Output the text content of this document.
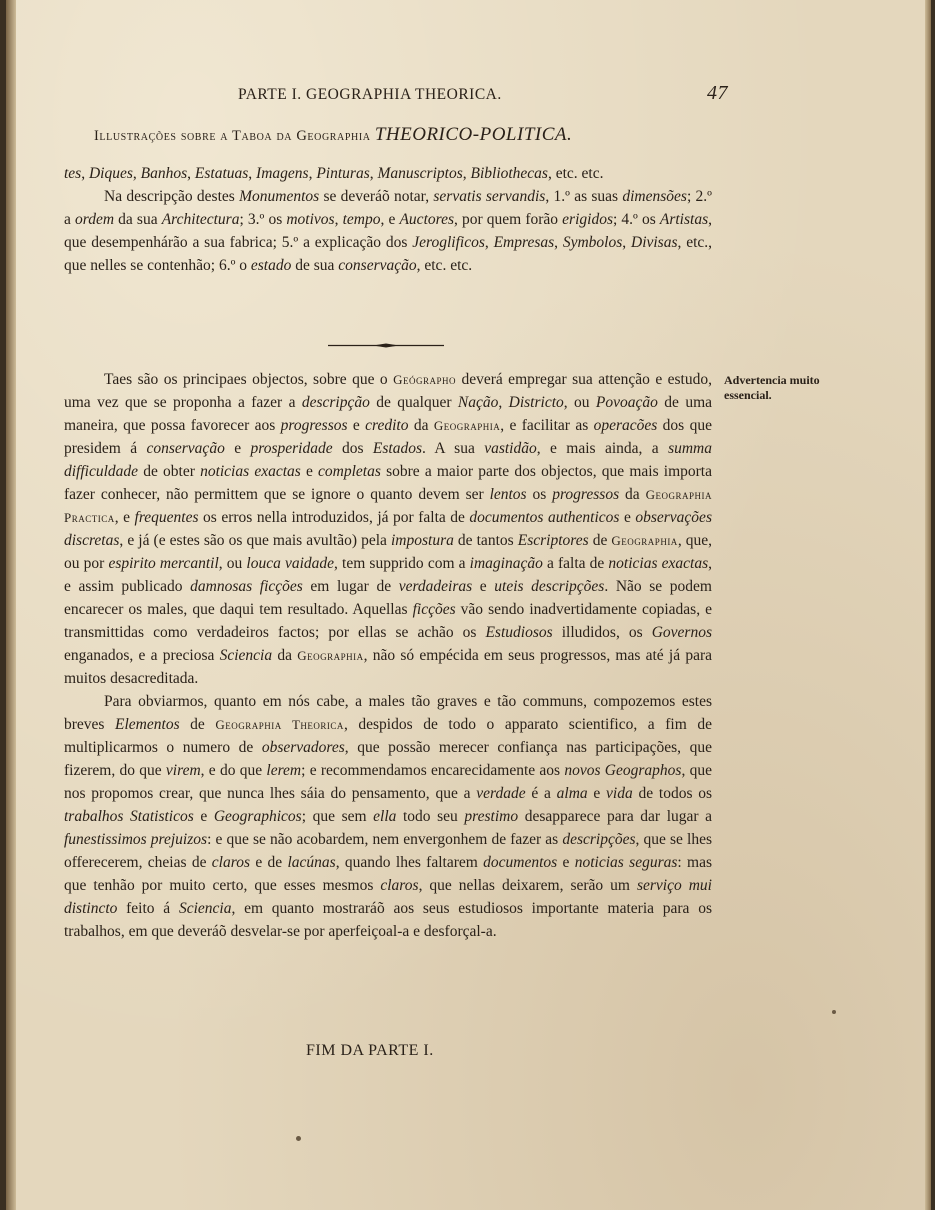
PARTE I. GEOGRAPHIA THEORICA.	47
Illustrações sobre a Taboa da Geographia THEORICO-POLITICA.

tes, Diques, Banhos, Estatuas, Imagens, Pinturas, Manuscriptos, Bibliothecas, etc. etc.

Na descripção destes Monumentos se deveráõ notar, servatis servandis, 1.º as suas dimensões; 2.º a ordem da sua Architectura; 3.º os motivos, tempo, e Auctores, por quem forão erigidos; 4.º os Artistas, que desempenhárão a sua fabrica; 5.º a explicação dos Jeroglificos, Empresas, Symbolos, Divisas, etc., que nelles se contenhão; 6.º o estado de sua conservação, etc. etc.

Taes são os principaes objectos, sobre que o Geógrapho deverá empregar sua attenção e estudo, uma vez que se proponha a fazer a descripção de qualquer Nação, Districto, ou Povoação de uma maneira, que possa favorecer aos progressos e credito da Geographia, e facilitar as operacões dos que presidem á conservação e prosperidade dos Estados. A sua vastidão, e mais ainda, a summa difficuldade de obter noticias exactas e completas sobre a maior parte dos objectos, que mais importa fazer conhecer, não permittem que se ignore o quanto devem ser lentos os progressos da Geographia Practica, e frequentes os erros nella introduzidos, já por falta de documentos authenticos e observações discretas, e já (e estes são os que mais avultão) pela impostura de tantos Escriptores de Geographia, que, ou por espirito mercantil, ou louca vaidade, tem supprido com a imaginação a falta de noticias exactas, e assim publicado damnosas ficções em lugar de verdadeiras e uteis descripções. Não se podem encarecer os males, que daqui tem resultado. Aquellas ficções vão sendo inadvertidamente copiadas, e transmittidas como verdadeiros factos; por ellas se achão os Estudiosos illudidos, os Governos enganados, e a preciosa Sciencia da Geographia, não só empécida em seus progressos, mas até já para muitos desacreditada.

Para obviarmos, quanto em nós cabe, a males tão graves e tão communs, compozemos estes breves Elementos de Geographia Theorica, despidos de todo o apparato scientifico, a fim de multiplicarmos o numero de observadores, que possão merecer confiança nas participações, que fizerem, do que virem, e do que lerem; e recommendamos encarecidamente aos novos Geographos, que nos propomos crear, que nunca lhes sáia do pensamento, que a verdade é a alma e vida de todos os trabalhos Statisticos e Geographicos; que sem ella todo seu prestimo desapparece para dar lugar a funestissimos prejuizos: e que se não acobardem, nem envergonhem de fazer as descripções, que se lhes offerecerem, cheias de claros e de lacúnas, quando lhes faltarem documentos e noticias seguras: mas que tenhão por muito certo, que esses mesmos claros, que nellas deixarem, serão um serviço mui distincto feito á Sciencia, em quanto mostraráõ aos seus estudiosos importante materia para os trabalhos, em que deveráõ desvelar-se por aperfeiçoal-a e desforçal-a.

Advertencia muito essencial.
FIM DA PARTE I.
